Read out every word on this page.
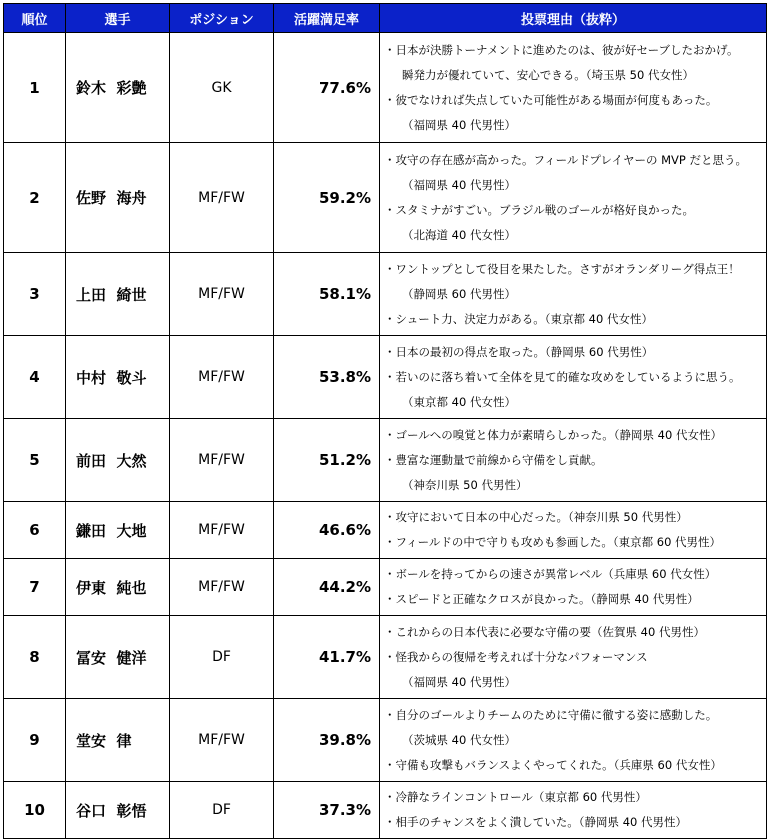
順位	選手	ポジション	活躍満足率	投票理由（抜粋）
1	鈴木  彩艶	GK	77.6%	・日本が決勝トーナメントに進めたのは、彼が好セーブしたおかげ。
瞬発力が優れていて、安心できる。（埼玉県 50 代女性）
・彼でなければ失点していた可能性がある場面が何度もあった。
（福岡県 40 代男性）

2	佐野  海舟	MF/FW	59.2%	・攻守の存在感が高かった。フィールドプレイヤーの MVP だと思う。
（福岡県 40 代男性）
・スタミナがすごい。ブラジル戦のゴールが格好良かった。
（北海道 40 代女性）

3	上田  綺世	MF/FW	58.1%	・ワントップとして役目を果たした。さすがオランダリーグ得点王！
（静岡県 60 代男性）
・シュート力、決定力がある。（東京都 40 代女性）

4	中村  敬斗	MF/FW	53.8%	・日本の最初の得点を取った。（静岡県 60 代男性）
・若いのに落ち着いて全体を見て的確な攻めをしているように思う。
（東京都 40 代女性）

5	前田  大然	MF/FW	51.2%	・ゴールへの嗅覚と体力が素晴らしかった。（静岡県 40 代女性）
・豊富な運動量で前線から守備をし貢献。
（神奈川県 50 代男性）

6	鎌田  大地	MF/FW	46.6%	・攻守において日本の中心だった。（神奈川県 50 代男性）
・フィールドの中で守りも攻めも参画した。（東京都 60 代男性）

7	伊東  純也	MF/FW	44.2%	・ボールを持ってからの速さが異常レベル（兵庫県 60 代女性）
・スピードと正確なクロスが良かった。（静岡県 40 代男性）

8	冨安  健洋	DF	41.7%	・これからの日本代表に必要な守備の要（佐賀県 40 代男性）
・怪我からの復帰を考えれば十分なパフォーマンス
（福岡県 40 代男性）

9	堂安  律	MF/FW	39.8%	・自分のゴールよりチームのために守備に徹する姿に感動した。
（茨城県 40 代女性）
・守備も攻撃もバランスよくやってくれた。（兵庫県 60 代女性）

10	谷口  彰悟	DF	37.3%	・冷静なラインコントロール（東京都 60 代男性）
・相手のチャンスをよく潰していた。（静岡県 40 代男性）
